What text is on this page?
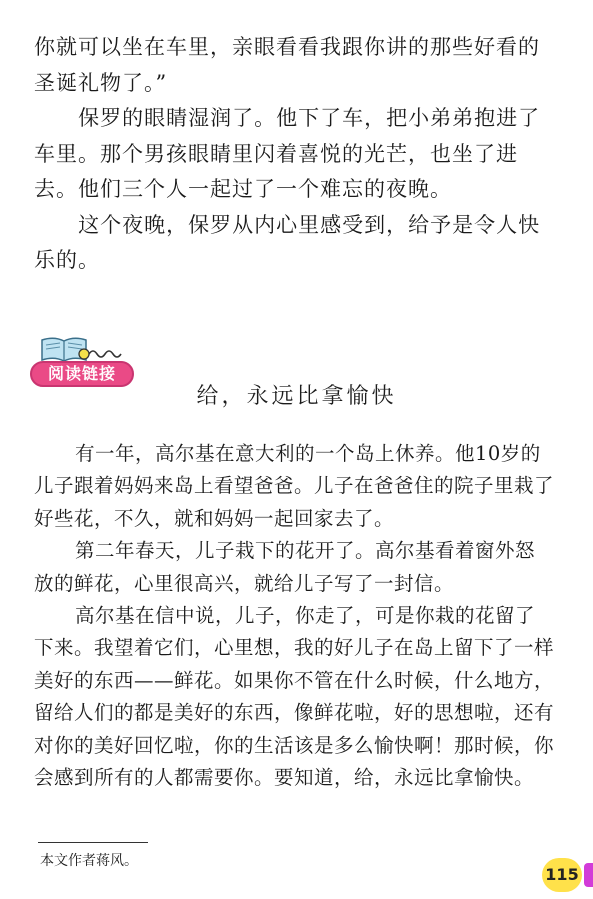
你就可以坐在车里，亲眼看看我跟你讲的那些好看的圣诞礼物了。”

保罗的眼睛湿润了。他下了车，把小弟弟抱进了车里。那个男孩眼睛里闪着喜悦的光芒，也坐了进去。他们三个人一起过了一个难忘的夜晚。

这个夜晚，保罗从内心里感受到，给予是令人快乐的。

阅读链接
给，永远比拿愉快

有一年，高尔基在意大利的一个岛上休养。他10岁的儿子跟着妈妈来岛上看望爸爸。儿子在爸爸住的院子里栽了好些花，不久，就和妈妈一起回家去了。

第二年春天，儿子栽下的花开了。高尔基看着窗外怒放的鲜花，心里很高兴，就给儿子写了一封信。

高尔基在信中说，儿子，你走了，可是你栽的花留了下来。我望着它们，心里想，我的好儿子在岛上留下了一样美好的东西——鲜花。如果你不管在什么时候，什么地方，留给人们的都是美好的东西，像鲜花啦，好的思想啦，还有对你的美好回忆啦，你的生活该是多么愉快啊！那时候，你会感到所有的人都需要你。要知道，给，永远比拿愉快。

本文作者蒋风。
115
